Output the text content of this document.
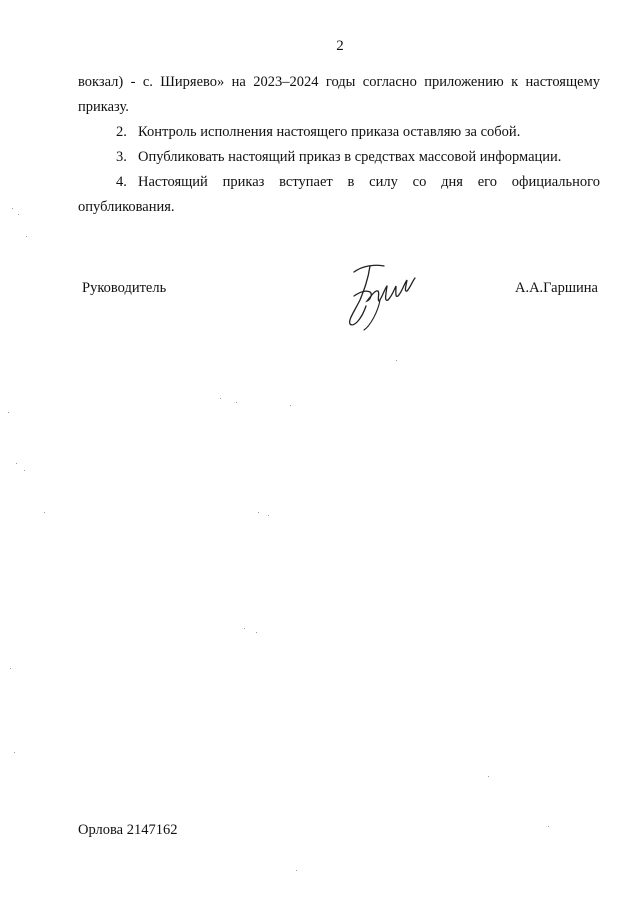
2

вокзал) - с. Ширяево» на 2023–2024 годы согласно приложению к настоящему

приказу.

2. Контроль исполнения настоящего приказа оставляю за собой.

3. Опубликовать настоящий приказ в средствах массовой информации.

4. Настоящий приказ вступает в силу со дня его официального

опубликования.

Руководитель	А.А.Гаршина
Орлова 2147162
